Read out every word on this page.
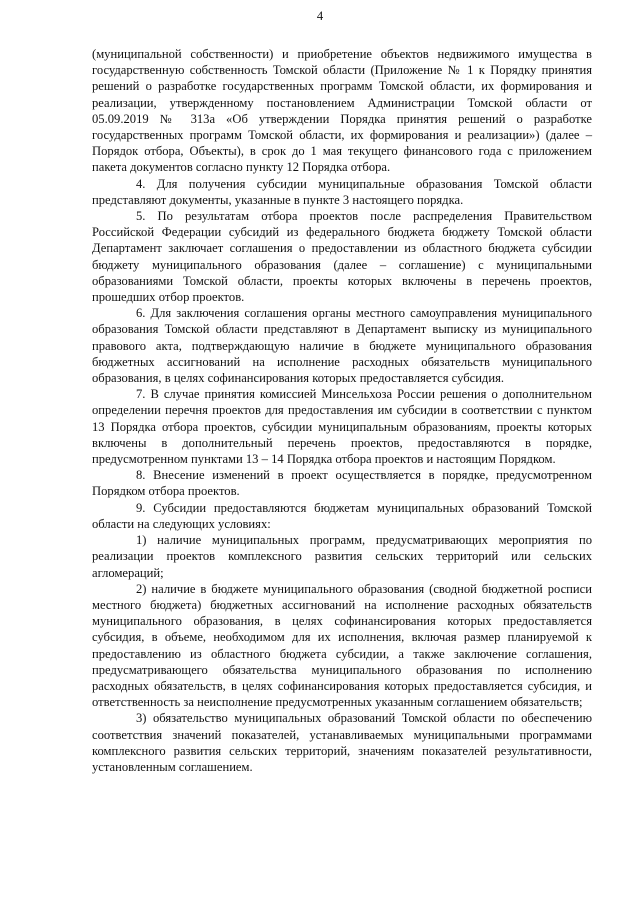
4

(муниципальной собственности) и приобретение объектов недвижимого имущества в государственную собственность Томской области (Приложение № 1 к Порядку принятия решений о разработке государственных программ Томской области, их формирования и реализации, утвержденному постановлением Администрации Томской области от 05.09.2019 № 313а «Об утверждении Порядка принятия решений о разработке государственных программ Томской области, их формирования и реализации») (далее – Порядок отбора, Объекты), в срок до 1 мая текущего финансового года с приложением пакета документов согласно пункту 12 Порядка отбора.

4. Для получения субсидии муниципальные образования Томской области представляют документы, указанные в пункте 3 настоящего порядка.

5. По результатам отбора проектов после распределения Правительством Российской Федерации субсидий из федерального бюджета бюджету Томской области Департамент заключает соглашения о предоставлении из областного бюджета субсидии бюджету муниципального образования (далее – соглашение) с муниципальными образованиями Томской области, проекты которых включены в перечень проектов, прошедших отбор проектов.

6. Для заключения соглашения органы местного самоуправления муниципального образования Томской области представляют в Департамент выписку из муниципального правового акта, подтверждающую наличие в бюджете муниципального образования бюджетных ассигнований на исполнение расходных обязательств муниципального образования, в целях софинансирования которых предоставляется субсидия.

7. В случае принятия комиссией Минсельхоза России решения о дополнительном определении перечня проектов для предоставления им субсидии в соответствии с пунктом 13 Порядка отбора проектов, субсидии муниципальным образованиям, проекты которых включены в дополнительный перечень проектов, предоставляются в порядке, предусмотренном пунктами 13 – 14 Порядка отбора проектов и настоящим Порядком.

8. Внесение изменений в проект осуществляется в порядке, предусмотренном Порядком отбора проектов.

9. Субсидии предоставляются бюджетам муниципальных образований Томской области на следующих условиях:

1) наличие муниципальных программ, предусматривающих мероприятия по реализации проектов комплексного развития сельских территорий или сельских агломераций;

2) наличие в бюджете муниципального образования (сводной бюджетной росписи местного бюджета) бюджетных ассигнований на исполнение расходных обязательств муниципального образования, в целях софинансирования которых предоставляется субсидия, в объеме, необходимом для их исполнения, включая размер планируемой к предоставлению из областного бюджета субсидии, а также заключение соглашения, предусматривающего обязательства муниципального образования по исполнению расходных обязательств, в целях софинансирования которых предоставляется субсидия, и ответственность за неисполнение предусмотренных указанным соглашением обязательств;

3) обязательство муниципальных образований Томской области по обеспечению соответствия значений показателей, устанавливаемых муниципальными программами комплексного развития сельских территорий, значениям показателей результативности, установленным соглашением.
